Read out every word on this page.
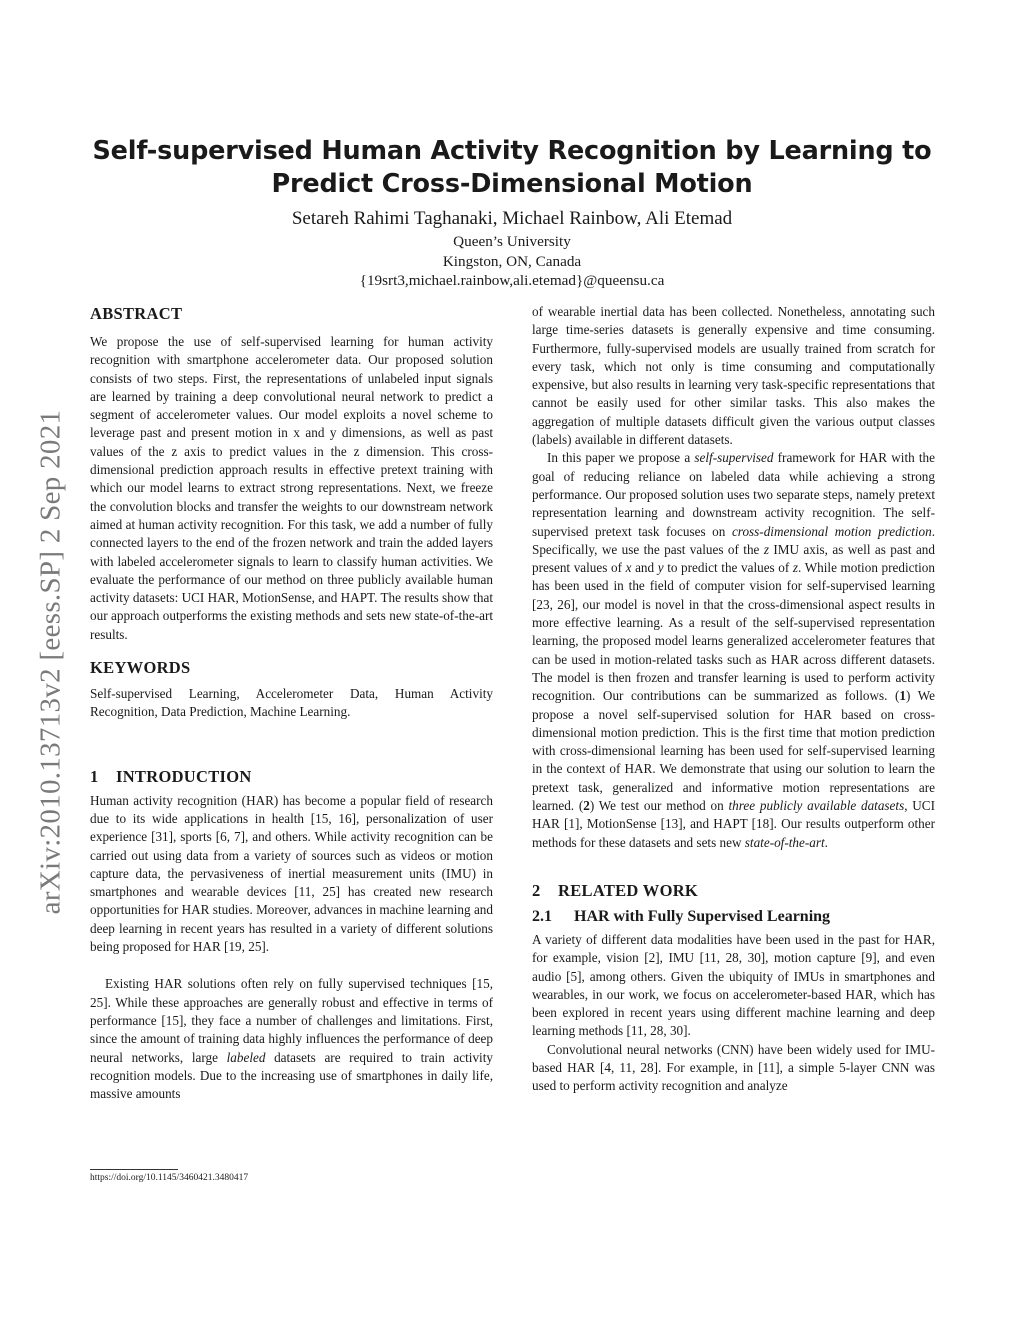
Self-supervised Human Activity Recognition by Learning to
Predict Cross-Dimensional Motion

Setareh Rahimi Taghanaki, Michael Rainbow, Ali Etemad

Queen’s University
Kingston, ON, Canada
{19srt3,michael.rainbow,ali.etemad}@queensu.ca
arXiv:2010.13713v2 [eess.SP] 2 Sep 2021
ABSTRACT

We propose the use of self-supervised learning for human activity recognition with smartphone accelerometer data. Our proposed solution consists of two steps. First, the representations of unlabeled input signals are learned by training a deep convolutional neural network to predict a segment of accelerometer values. Our model exploits a novel scheme to leverage past and present motion in x and y dimensions, as well as past values of the z axis to predict values in the z dimension. This cross-dimensional prediction approach results in effective pretext training with which our model learns to extract strong representations. Next, we freeze the convolution blocks and transfer the weights to our downstream network aimed at human activity recognition. For this task, we add a number of fully connected layers to the end of the frozen network and train the added layers with labeled accelerometer signals to learn to classify human activities. We evaluate the performance of our method on three publicly available human activity datasets: UCI HAR, MotionSense, and HAPT. The results show that our approach outperforms the existing methods and sets new state-of-the-art results.

KEYWORDS

Self-supervised Learning, Accelerometer Data, Human Activity Recognition, Data Prediction, Machine Learning.

1 INTRODUCTION

Human activity recognition (HAR) has become a popular field of research due to its wide applications in health [15, 16], personalization of user experience [31], sports [6, 7], and others. While activity recognition can be carried out using data from a variety of sources such as videos or motion capture data, the pervasiveness of inertial measurement units (IMU) in smartphones and wearable devices [11, 25] has created new research opportunities for HAR studies. Moreover, advances in machine learning and deep learning in recent years has resulted in a variety of different solutions being proposed for HAR [19, 25].

Existing HAR solutions often rely on fully supervised techniques [15, 25]. While these approaches are generally robust and effective in terms of performance [15], they face a number of challenges and limitations. First, since the amount of training data highly influences the performance of deep neural networks, large labeled datasets are required to train activity recognition models. Due to the increasing use of smartphones in daily life, massive amounts

https://doi.org/10.1145/3460421.3480417

of wearable inertial data has been collected. Nonetheless, annotating such large time-series datasets is generally expensive and time consuming. Furthermore, fully-supervised models are usually trained from scratch for every task, which not only is time consuming and computationally expensive, but also results in learning very task-specific representations that cannot be easily used for other similar tasks. This also makes the aggregation of multiple datasets difficult given the various output classes (labels) available in different datasets.

In this paper we propose a self-supervised framework for HAR with the goal of reducing reliance on labeled data while achieving a strong performance. Our proposed solution uses two separate steps, namely pretext representation learning and downstream activity recognition. The self-supervised pretext task focuses on cross-dimensional motion prediction. Specifically, we use the past values of the z IMU axis, as well as past and present values of x and y to predict the values of z. While motion prediction has been used in the field of computer vision for self-supervised learning [23, 26], our model is novel in that the cross-dimensional aspect results in more effective learning. As a result of the self-supervised representation learning, the proposed model learns generalized accelerometer features that can be used in motion-related tasks such as HAR across different datasets. The model is then frozen and transfer learning is used to perform activity recognition. Our contributions can be summarized as follows. (1) We propose a novel self-supervised solution for HAR based on cross-dimensional motion prediction. This is the first time that motion prediction with cross-dimensional learning has been used for self-supervised learning in the context of HAR. We demonstrate that using our solution to learn the pretext task, generalized and informative motion representations are learned. (2) We test our method on three publicly available datasets, UCI HAR [1], MotionSense [13], and HAPT [18]. Our results outperform other methods for these datasets and sets new state-of-the-art.

2 RELATED WORK
2.1 HAR with Fully Supervised Learning

A variety of different data modalities have been used in the past for HAR, for example, vision [2], IMU [11, 28, 30], motion capture [9], and even audio [5], among others. Given the ubiquity of IMUs in smartphones and wearables, in our work, we focus on accelerometer-based HAR, which has been explored in recent years using different machine learning and deep learning methods [11, 28, 30].

Convolutional neural networks (CNN) have been widely used for IMU-based HAR [4, 11, 28]. For example, in [11], a simple 5-layer CNN was used to perform activity recognition and analyze
